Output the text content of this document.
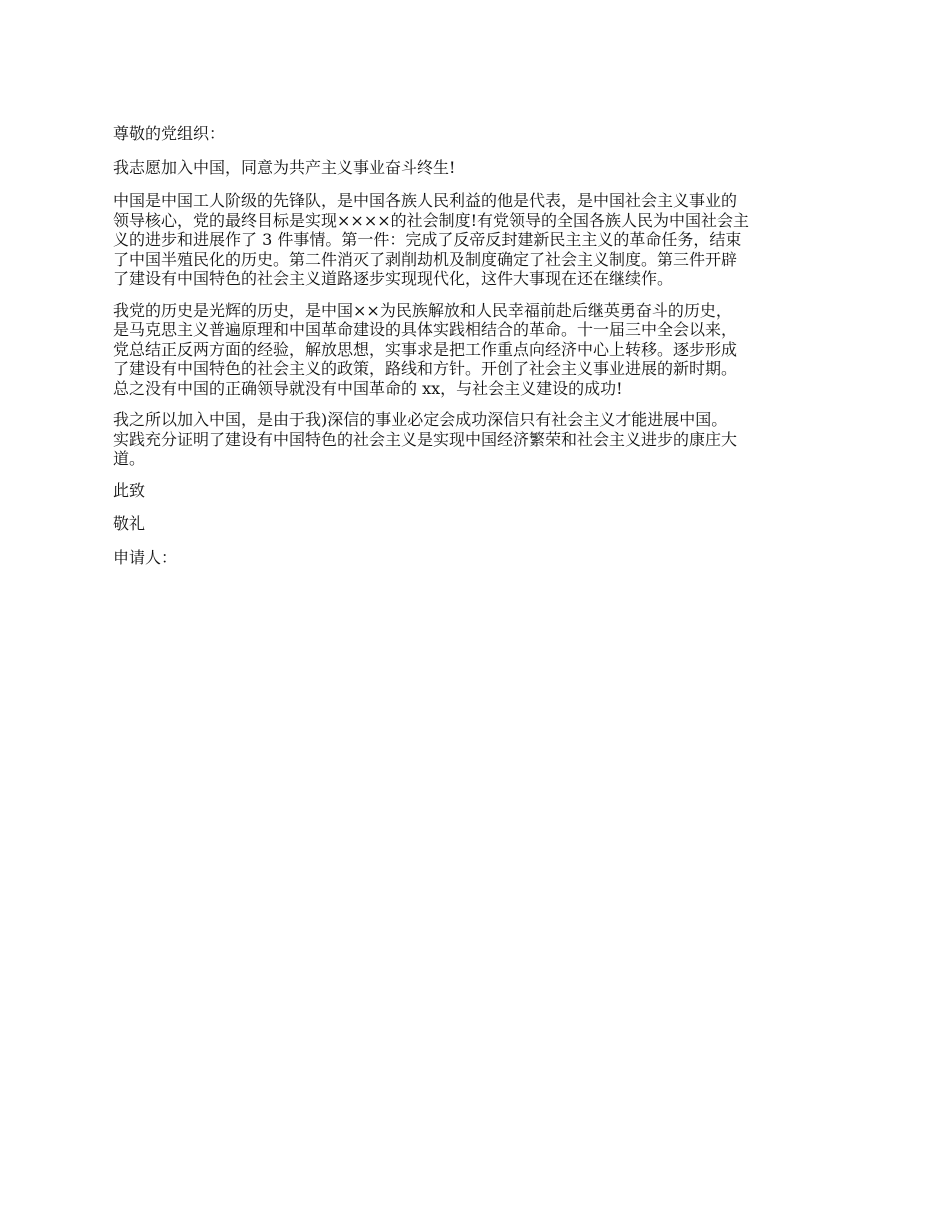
尊敬的党组织：

我志愿加入中国，同意为共产主义事业奋斗终生!

中国是中国工人阶级的先锋队，是中国各族人民利益的他是代表，是中国社会主义事业的
领导核心，党的最终目标是实现××××的社会制度!有党领导的全国各族人民为中国社会主
义的进步和进展作了 3 件事情。第一件：完成了反帝反封建新民主主义的革命任务，结束
了中国半殖民化的历史。第二件消灭了剥削劫机及制度确定了社会主义制度。第三件开辟
了建设有中国特色的社会主义道路逐步实现现代化，这件大事现在还在继续作。

我党的历史是光辉的历史，是中国××为民族解放和人民幸福前赴后继英勇奋斗的历史，
是马克思主义普遍原理和中国革命建设的具体实践相结合的革命。十一届三中全会以来，
党总结正反两方面的经验，解放思想，实事求是把工作重点向经济中心上转移。逐步形成
了建设有中国特色的社会主义的政策，路线和方针。开创了社会主义事业进展的新时期。
总之没有中国的正确领导就没有中国革命的 xx，与社会主义建设的成功!

我之所以加入中国，是由于我)深信的事业必定会成功深信只有社会主义才能进展中国。
实践充分证明了建设有中国特色的社会主义是实现中国经济繁荣和社会主义进步的康庄大
道。

此致

敬礼

申请人：
